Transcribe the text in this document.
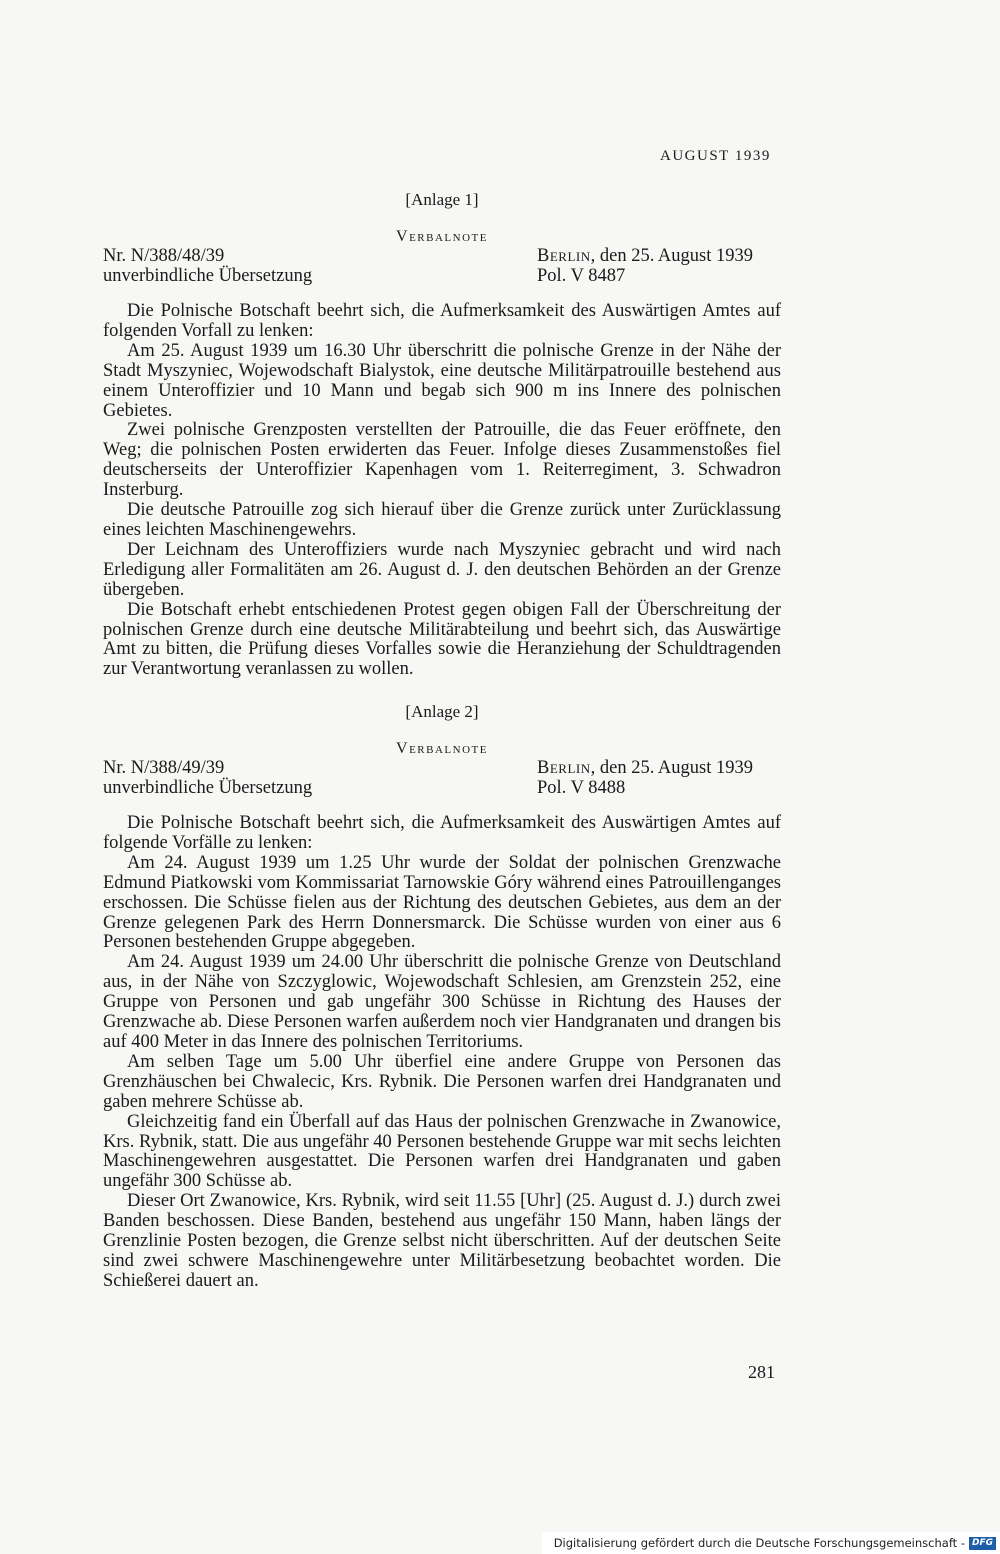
AUGUST 1939

[Anlage 1]

Verbalnote

Nr. N/388/48/39
unverbindliche Übersetzung
Berlin, den 25. August 1939
Pol. V 8487

Die Polnische Botschaft beehrt sich, die Aufmerksamkeit des Auswärtigen Amtes auf folgenden Vorfall zu lenken:

Am 25. August 1939 um 16.30 Uhr überschritt die polnische Grenze in der Nähe der Stadt Myszyniec, Wojewodschaft Bialystok, eine deutsche Militärpatrouille bestehend aus einem Unteroffizier und 10 Mann und begab sich 900 m ins Innere des polnischen Gebietes.

Zwei polnische Grenzposten verstellten der Patrouille, die das Feuer eröffnete, den Weg; die polnischen Posten erwiderten das Feuer. Infolge dieses Zusammenstoßes fiel deutscherseits der Unteroffizier Kapenhagen vom 1. Reiterregiment, 3. Schwadron Insterburg.

Die deutsche Patrouille zog sich hierauf über die Grenze zurück unter Zurücklassung eines leichten Maschinengewehrs.

Der Leichnam des Unteroffiziers wurde nach Myszyniec gebracht und wird nach Erledigung aller Formalitäten am 26. August d. J. den deutschen Behörden an der Grenze übergeben.

Die Botschaft erhebt entschiedenen Protest gegen obigen Fall der Überschreitung der polnischen Grenze durch eine deutsche Militärabteilung und beehrt sich, das Auswärtige Amt zu bitten, die Prüfung dieses Vorfalles sowie die Heranziehung der Schuldtragenden zur Verantwortung veranlassen zu wollen.

[Anlage 2]

Verbalnote

Nr. N/388/49/39
unverbindliche Übersetzung
Berlin, den 25. August 1939
Pol. V 8488

Die Polnische Botschaft beehrt sich, die Aufmerksamkeit des Auswärtigen Amtes auf folgende Vorfälle zu lenken:

Am 24. August 1939 um 1.25 Uhr wurde der Soldat der polnischen Grenzwache Edmund Piatkowski vom Kommissariat Tarnowskie Góry während eines Patrouillenganges erschossen. Die Schüsse fielen aus der Richtung des deutschen Gebietes, aus dem an der Grenze gelegenen Park des Herrn Donnersmarck. Die Schüsse wurden von einer aus 6 Personen bestehenden Gruppe abgegeben.

Am 24. August 1939 um 24.00 Uhr überschritt die polnische Grenze von Deutschland aus, in der Nähe von Szczyglowic, Wojewodschaft Schlesien, am Grenzstein 252, eine Gruppe von Personen und gab ungefähr 300 Schüsse in Richtung des Hauses der Grenzwache ab. Diese Personen warfen außerdem noch vier Handgranaten und drangen bis auf 400 Meter in das Innere des polnischen Territoriums.

Am selben Tage um 5.00 Uhr überfiel eine andere Gruppe von Personen das Grenzhäuschen bei Chwalecic, Krs. Rybnik. Die Personen warfen drei Handgranaten und gaben mehrere Schüsse ab.

Gleichzeitig fand ein Überfall auf das Haus der polnischen Grenzwache in Zwanowice, Krs. Rybnik, statt. Die aus ungefähr 40 Personen bestehende Gruppe war mit sechs leichten Maschinengewehren ausgestattet. Die Personen warfen drei Handgranaten und gaben ungefähr 300 Schüsse ab.

Dieser Ort Zwanowice, Krs. Rybnik, wird seit 11.55 [Uhr] (25. August d. J.) durch zwei Banden beschossen. Diese Banden, bestehend aus ungefähr 150 Mann, haben längs der Grenzlinie Posten bezogen, die Grenze selbst nicht überschritten. Auf der deutschen Seite sind zwei schwere Maschinengewehre unter Militärbesetzung beobachtet worden. Die Schießerei dauert an.

281
Digitalisierung gefördert durch die Deutsche Forschungsgemeinschaft - DFG
